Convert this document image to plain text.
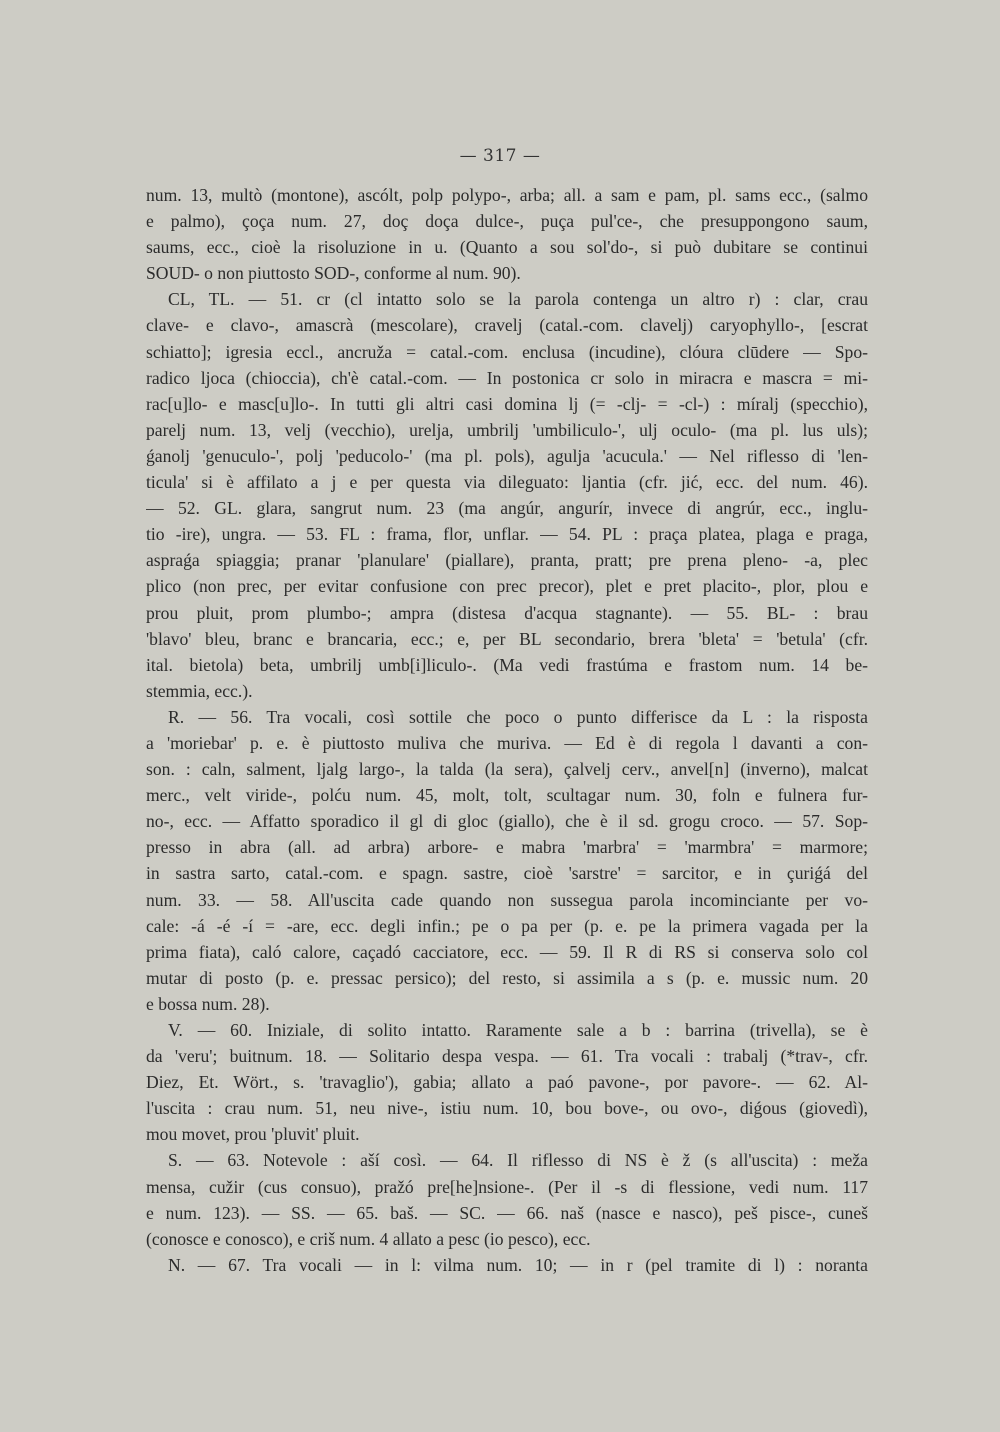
— 317 —
num. 13, multò (montone), ascólt, polp polypo-, arba; all. a sam e pam, pl. sams ecc., (salmo
e palmo), çoça num. 27, doç doça dulce-, puça pul'ce-, che presuppongono saum,
saums, ecc., cioè la risoluzione in u. (Quanto a sou sol'do-, si può dubitare se continui
SOUD- o non piuttosto SOD-, conforme al num. 90).
CL, TL. — 51. cr (cl intatto solo se la parola contenga un altro r) : clar, crau
clave- e clavo-, amascrà (mescolare), cravelj (catal.-com. clavelj) caryophyllo-, [escrat
schiatto]; igresia eccl., ancruža = catal.-com. enclusa (incudine), clóura clūdere — Spo-
radico ljoca (chioccia), ch'è catal.-com. — In postonica cr solo in miracra e mascra = mi-
rac[u]lo- e masc[u]lo-. In tutti gli altri casi domina lj (= -clj- = -cl-) : míralj (specchio),
parelj num. 13, velj (vecchio), urelja, umbrilj 'umbiliculo-', ulj oculo- (ma pl. lus uls);
ǵanolj 'genuculo-', polj 'peducolo-' (ma pl. pols), agulja 'acucula.' — Nel riflesso di 'len-
ticula' si è affilato a j e per questa via dileguato: ljantia (cfr. jić, ecc. del num. 46).
— 52. GL. glara, sangrut num. 23 (ma angúr, angurír, invece di angrúr, ecc., inglu-
tio -ire), ungra. — 53. FL : frama, flor, unflar. — 54. PL : praça platea, plaga e praga,
aspraǵa spiaggia; pranar 'planulare' (piallare), pranta, pratt; pre prena pleno- -a, plec
plico (non prec, per evitar confusione con prec precor), plet e pret placito-, plor, plou e
prou pluit, prom plumbo-; ampra (distesa d'acqua stagnante). — 55. BL- : brau
'blavo' bleu, branc e brancaria, ecc.; e, per BL secondario, brera 'bleta' = 'betula' (cfr.
ital. bietola) beta, umbrilj umb[i]liculo-. (Ma vedi frastúma e frastom num. 14 be-
stemmia, ecc.).
R. — 56. Tra vocali, così sottile che poco o punto differisce da L : la risposta
a 'moriebar' p. e. è piuttosto muliva che muriva. — Ed è di regola l davanti a con-
son. : caln, salment, ljalg largo-, la talda (la sera), çalvelj cerv., anvel[n] (inverno), malcat
merc., velt viride-, polću num. 45, molt, tolt, scultagar num. 30, foln e fulnera fur-
no-, ecc. — Affatto sporadico il gl di gloc (giallo), che è il sd. grogu croco. — 57. Sop-
presso in abra (all. ad arbra) arbore- e mabra 'marbra' = 'marmbra' = marmore;
in sastra sarto, catal.-com. e spagn. sastre, cioè 'sarstre' = sarcitor, e in çuriǵá del
num. 33. — 58. All'uscita cade quando non sussegua parola incominciante per vo-
cale: -á -é -í = -are, ecc. degli infin.; pe o pa per (p. e. pe la primera vagada per la
prima fiata), caló calore, caçadó cacciatore, ecc. — 59. Il R di RS si conserva solo col
mutar di posto (p. e. pressac persico); del resto, si assimila a s (p. e. mussic num. 20
e bossa num. 28).
V. — 60. Iniziale, di solito intatto. Raramente sale a b : barrina (trivella), se è
da 'veru'; buitnum. 18. — Solitario despa vespa. — 61. Tra vocali : trabalj (*trav-, cfr.
Diez, Et. Wört., s. 'travaglio'), gabia; allato a paó pavone-, por pavore-. — 62. Al-
l'uscita : crau num. 51, neu nive-, istiu num. 10, bou bove-, ou ovo-, diǵous (giovedì),
mou movet, prou 'pluvit' pluit.
S. — 63. Notevole : aší così. — 64. Il riflesso di NS è ž (s all'uscita) : meža
mensa, cužir (cus consuo), pražó pre[he]nsione-. (Per il -s di flessione, vedi num. 117
e num. 123). — SS. — 65. baš. — SC. — 66. naš (nasce e nasco), peš pisce-, cuneš
(conosce e conosco), e criš num. 4 allato a pesc (io pesco), ecc.
N. — 67. Tra vocali — in l: vilma num. 10; — in r (pel tramite di l) : noranta
